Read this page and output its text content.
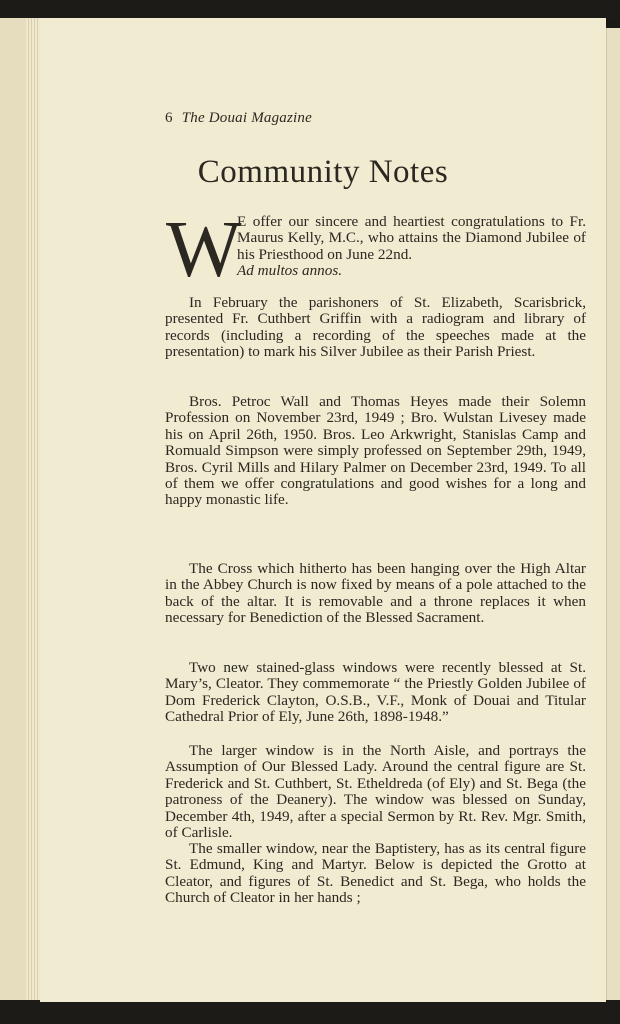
6 The Douai Magazine
Community Notes
W
E offer our sincere and heartiest congratulations to Fr. Maurus Kelly, M.C., who attains the Diamond Jubilee of his Priesthood on June 22nd.
Ad multos annos.
In February the parishoners of St. Elizabeth, Scarisbrick, presented Fr. Cuthbert Griffin with a radiogram and library of records (including a recording of the speeches made at the presentation) to mark his Silver Jubilee as their Parish Priest.
Bros. Petroc Wall and Thomas Heyes made their Solemn Profession on November 23rd, 1949 ; Bro. Wulstan Livesey made his on April 26th, 1950. Bros. Leo Arkwright, Stanislas Camp and Romuald Simpson were simply professed on September 29th, 1949, Bros. Cyril Mills and Hilary Palmer on December 23rd, 1949. To all of them we offer congratulations and good wishes for a long and happy monastic life.
The Cross which hitherto has been hanging over the High Altar in the Abbey Church is now fixed by means of a pole attached to the back of the altar. It is removable and a throne replaces it when necessary for Benediction of the Blessed Sacrament.
Two new stained-glass windows were recently blessed at St. Mary’s, Cleator. They commemorate “ the Priestly Golden Jubilee of Dom Frederick Clayton, O.S.B., V.F., Monk of Douai and Titular Cathedral Prior of Ely, June 26th, 1898-1948.”
The larger window is in the North Aisle, and portrays the Assumption of Our Blessed Lady. Around the central figure are St. Frederick and St. Cuthbert, St. Etheldreda (of Ely) and St. Bega (the patroness of the Deanery). The window was blessed on Sunday, December 4th, 1949, after a special Sermon by Rt. Rev. Mgr. Smith, of Carlisle.
The smaller window, near the Baptistery, has as its central figure St. Edmund, King and Martyr. Below is depicted the Grotto at Cleator, and figures of St. Benedict and St. Bega, who holds the Church of Cleator in her hands ;
